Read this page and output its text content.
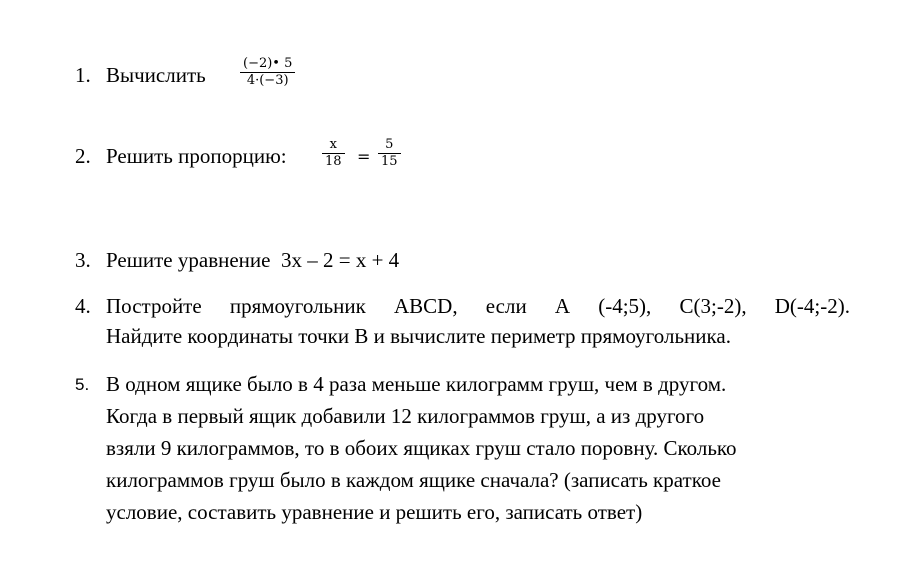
1. Вычислить	$\frac{(-2)• 5}{4\cdot(-3)}$
2. Решить пропорцию:	$\frac{x}{18} = \frac{5}{15}$
3. Решите уравнение  3x – 2 = x + 4
4. Постройте прямоугольник ABCD, если А (-4;5), С(3;-2), D(-4;-2).
Найдите координаты точки В и вычислите периметр прямоугольника.
5. В одном ящике было в 4 раза меньше килограмм груш, чем в другом.
Когда в первый ящик добавили 12 килограммов груш, а из другого
взяли 9 килограммов, то в обоих ящиках груш стало поровну. Сколько
килограммов груш было в каждом ящике сначала? (записать краткое
условие, составить уравнение и решить его, записать ответ)
